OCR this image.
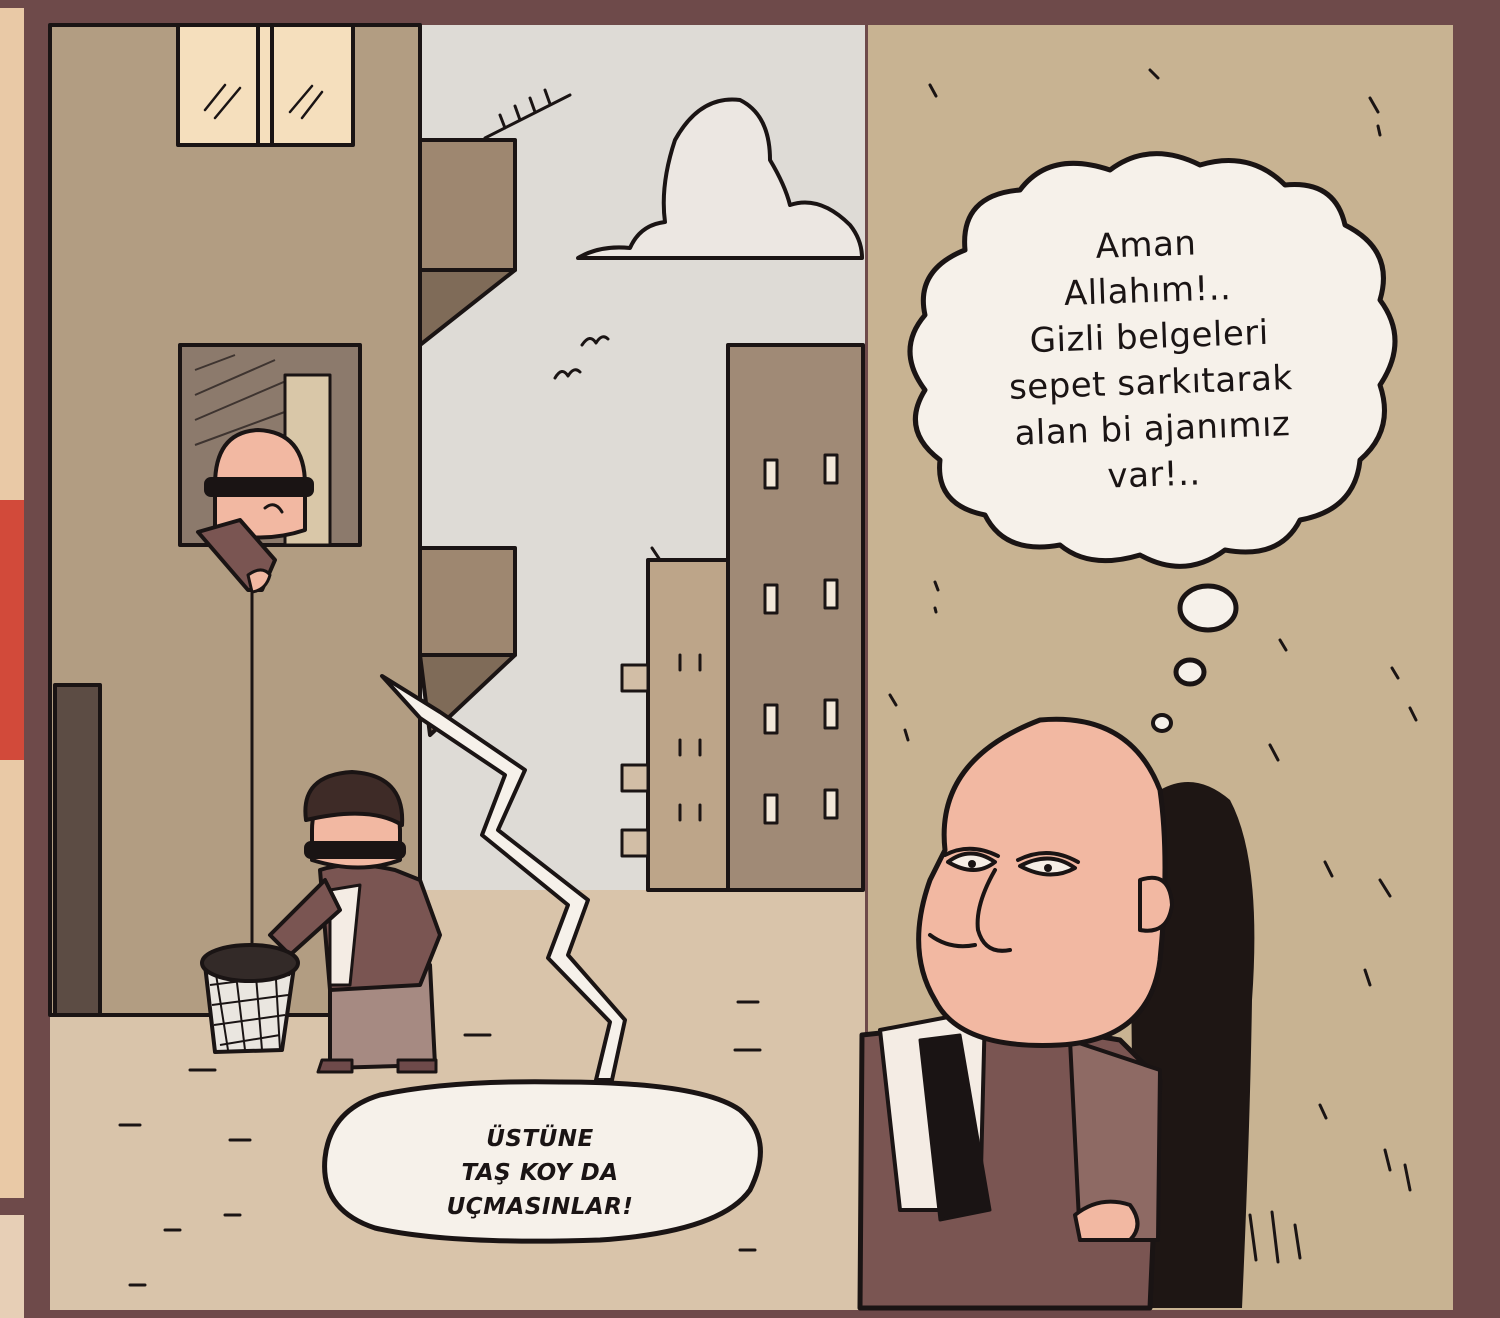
Aman
Allahım!..
Gizli belgeleri
sepet sarkıtarak
alan bi ajanımız
var!..
ÜSTÜNE
TAŞ KOY DA
UÇMASINLAR!
